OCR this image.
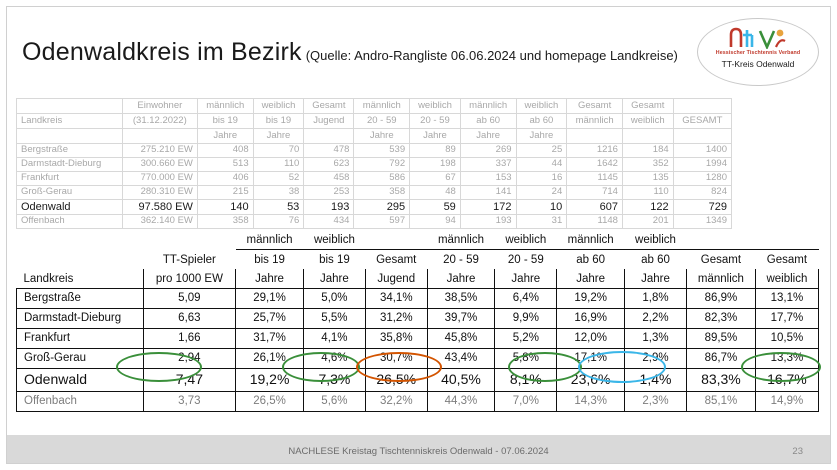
Odenwaldkreis im Bezirk (Quelle: Andro-Rangliste 06.06.2024 und homepage Landkreise)	Hessischer Tischtennis Verband
TT-Kreis Odenwald
	Einwohner	männlich	weiblich	Gesamt	männlich	weiblich	männlich	weiblich	Gesamt	Gesamt	
Landkreis	(31.12.2022)	bis 19	bis 19	Jugend	20 - 59	20 - 59	ab 60	ab 60	männlich	weiblich	GESAMT
		Jahre	Jahre		Jahre	Jahre	Jahre	Jahre			
Bergstraße	275.210 EW	408	70	478	539	89	269	25	1216	184	1400
Darmstadt-Dieburg	300.660 EW	513	110	623	792	198	337	44	1642	352	1994
Frankfurt	770.000 EW	406	52	458	586	67	153	16	1145	135	1280
Groß-Gerau	280.310 EW	215	38	253	358	48	141	24	714	110	824
Odenwald	97.580 EW	140	53	193	295	59	172	10	607	122	729
Offenbach	362.140 EW	358	76	434	597	94	193	31	1148	201	1349
		männlich	weiblich		männlich	weiblich	männlich	weiblich		
	TT-Spieler	bis 19	bis 19	Gesamt	20 - 59	20 - 59	ab 60	ab 60	Gesamt	Gesamt
Landkreis	pro 1000 EW	Jahre	Jahre	Jugend	Jahre	Jahre	Jahre	Jahre	männlich	weiblich
Bergstraße	5,09	29,1%	5,0%	34,1%	38,5%	6,4%	19,2%	1,8%	86,9%	13,1%
Darmstadt-Dieburg	6,63	25,7%	5,5%	31,2%	39,7%	9,9%	16,9%	2,2%	82,3%	17,7%
Frankfurt	1,66	31,7%	4,1%	35,8%	45,8%	5,2%	12,0%	1,3%	89,5%	10,5%
Groß-Gerau	2,94	26,1%	4,6%	30,7%	43,4%	5,8%	17,1%	2,9%	86,7%	13,3%
Odenwald	7,47	19,2%	7,3%	26,5%	40,5%	8,1%	23,6%	1,4%	83,3%	16,7%
Offenbach	3,73	26,5%	5,6%	32,2%	44,3%	7,0%	14,3%	2,3%	85,1%	14,9%
NACHLESE Kreistag Tischtenniskreis Odenwald - 07.06.2024	23
